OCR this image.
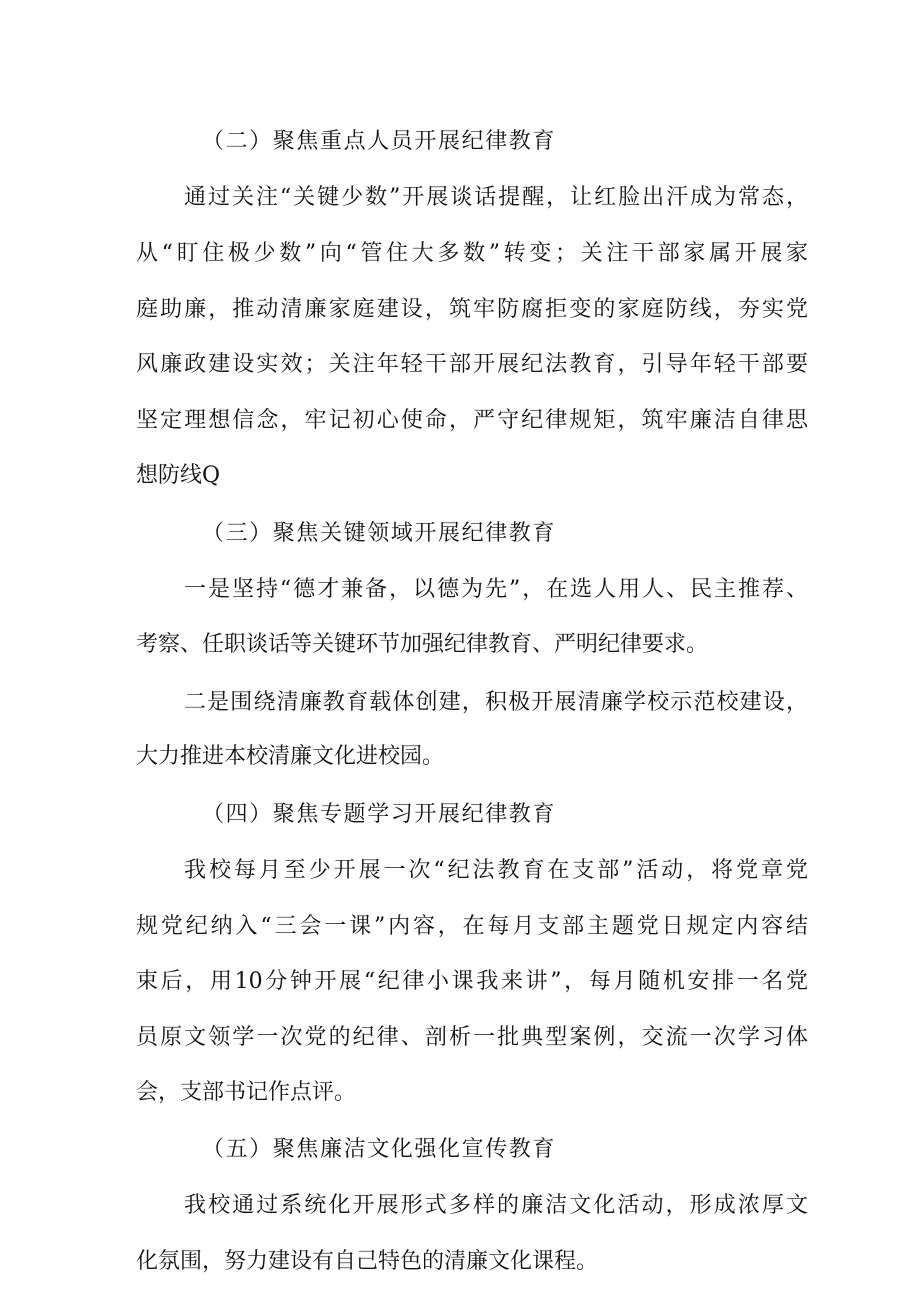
（二）聚焦重点人员开展纪律教育
通过关注“关键少数”开展谈话提醒，让红脸出汗成为常态，
从“盯住极少数”向“管住大多数”转变；关注干部家属开展家
庭助廉，推动清廉家庭建设，筑牢防腐拒变的家庭防线，夯实党
风廉政建设实效；关注年轻干部开展纪法教育，引导年轻干部要
坚定理想信念，牢记初心使命，严守纪律规矩，筑牢廉洁自律思
想防线Q
（三）聚焦关键领域开展纪律教育
一是坚持“德才兼备，以德为先”，在选人用人、民主推荐、
考察、任职谈话等关键环节加强纪律教育、严明纪律要求。
二是围绕清廉教育载体创建，积极开展清廉学校示范校建设，
大力推进本校清廉文化进校园。
（四）聚焦专题学习开展纪律教育
我校每月至少开展一次“纪法教育在支部”活动，将党章党
规党纪纳入“三会一课”内容，在每月支部主题党日规定内容结
束后，用10分钟开展“纪律小课我来讲”，每月随机安排一名党
员原文领学一次党的纪律、剖析一批典型案例，交流一次学习体
会，支部书记作点评。
（五）聚焦廉洁文化强化宣传教育
我校通过系统化开展形式多样的廉洁文化活动，形成浓厚文
化氛围，努力建设有自己特色的清廉文化课程。
